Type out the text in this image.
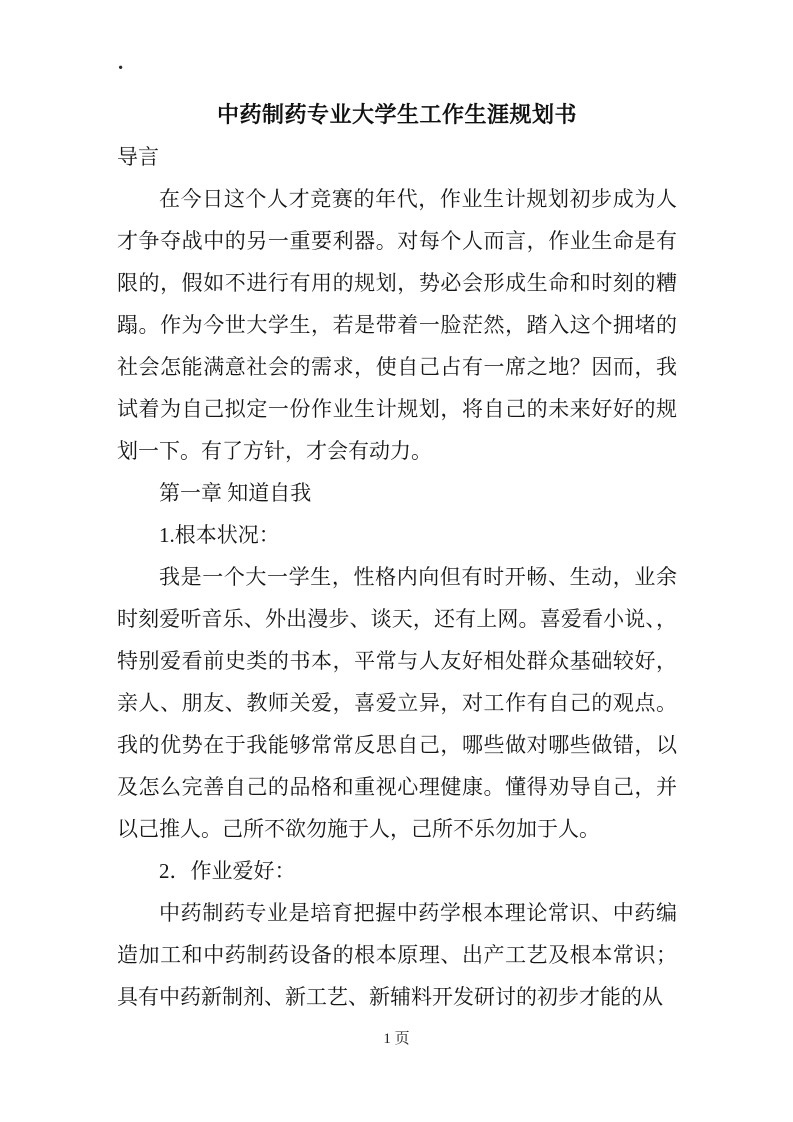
.
中药制药专业大学生工作生涯规划书

导言

在今日这个人才竞赛的年代，作业生计规划初步成为人才争夺战中的另一重要利器。对每个人而言，作业生命是有限的，假如不进行有用的规划，势必会形成生命和时刻的糟蹋。作为今世大学生，若是带着一脸茫然，踏入这个拥堵的社会怎能满意社会的需求，使自己占有一席之地？因而，我试着为自己拟定一份作业生计规划，将自己的未来好好的规划一下。有了方针，才会有动力。

第一章 知道自我

1.根本状况：

我是一个大一学生，性格内向但有时开畅、生动，业余时刻爱听音乐、外出漫步、谈天，还有上网。喜爱看小说、，特别爱看前史类的书本，平常与人友好相处群众基础较好，亲人、朋友、教师关爱，喜爱立异，对工作有自己的观点。我的优势在于我能够常常反思自己，哪些做对哪些做错，以及怎么完善自己的品格和重视心理健康。懂得劝导自己，并以己推人。己所不欲勿施于人，己所不乐勿加于人。

2．作业爱好：

中药制药专业是培育把握中药学根本理论常识、中药编造加工和中药制药设备的根本原理、出产工艺及根本常识；具有中药新制剂、新工艺、新辅料开发研讨的初步才能的从

1 页
